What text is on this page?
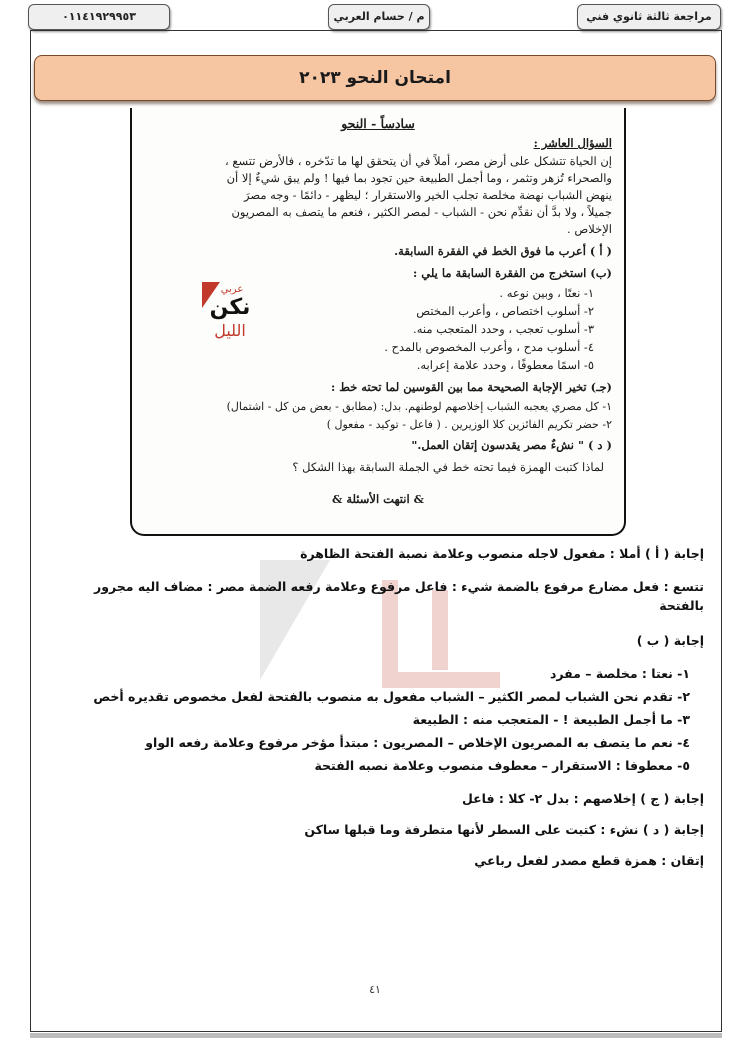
٠١١٤١٩٢٩٩٥٣	م / حسام العربي	مراجعة ثالثة ثانوي فني
امتحان النحو ٢٠٢٣
سادساً - النحو
السؤال العاشر :
إن الحياة تتشكل على أرض مصر، أملاً في أن يتحقق لها ما تدّخره ، فالأرض تتسع ،
والصحراء تُزهر وتثمر ، وما أجمل الطبيعة حين تجود بما فيها ! ولم يبق شيءٌ إلا أن
ينهض الشباب نهضة مخلصة تجلب الخير والاستقرار ؛ ليظهر - دائمًا - وجه مصرَ
جميلاً ، ولا بدَّ أن نقدِّم نحن - الشباب - لمصر الكثير ، فنعم ما يتصف به المصريون
الإخلاص .
( أ ) أعرب ما فوق الخط في الفقرة السابقة.
(ب) استخرج من الفقرة السابقة ما يلي :
١- نعتًا ، وبين نوعه .
٢- أسلوب اختصاص ، وأعرب المختص
٣- أسلوب تعجب ، وحدد المتعجب منه.
٤- أسلوب مدح ، وأعرب المخصوص بالمدح .
٥- اسمًا معطوفًا ، وحدد علامة إعرابه.
(جـ) تخير الإجابة الصحيحة مما بين القوسين لما تحته خط :
١- كل مصري يعجبه الشباب إخلاصهم لوطنهم. بدل: (مطابق - بعض من كل - اشتمال)
٢- حضر تكريم الفائزين كلا الوزيرين . ( فاعل - توكيد - مفعول )
( د ) " نشءٌ مصر يقدسون إتقان العمل."
لماذا كتبت الهمزة فيما تحته خط في الجملة السابقة بهذا الشكل ؟
& انتهت الأسئلة &
عربي
نكن
الليل
إجابة ( أ ) أملا : مفعول لاجله منصوب وعلامة نصبة الفتحة الظاهرة
تتسع : فعل مضارع مرفوع بالضمة شيء : فاعل مرفوع وعلامة رفعه الضمة مصر : مضاف اليه مجرور
بالفتحة
إجابة ( ب )
١- نعتا : مخلصة – مفرد
٢- تقدم نحن الشباب لمصر الكثير – الشباب مفعول به منصوب بالفتحة لفعل مخصوص تقديره أخص
٣- ما أجمل الطبيعة ! - المتعجب منه : الطبيعة
٤- نعم ما يتصف به المصريون الإخلاص – المصريون : مبتدأ مؤخر مرفوع وعلامة رفعه الواو
٥- معطوفا : الاستقرار – معطوف منصوب وعلامة نصبه الفتحة
إجابة ( ج ) إخلاصهم : بدل ٢- كلا : فاعل
إجابة ( د ) نشء : كتبت على السطر لأنها متطرفة وما قبلها ساكن
إتقان : همزة قطع مصدر لفعل رباعي
٤١
